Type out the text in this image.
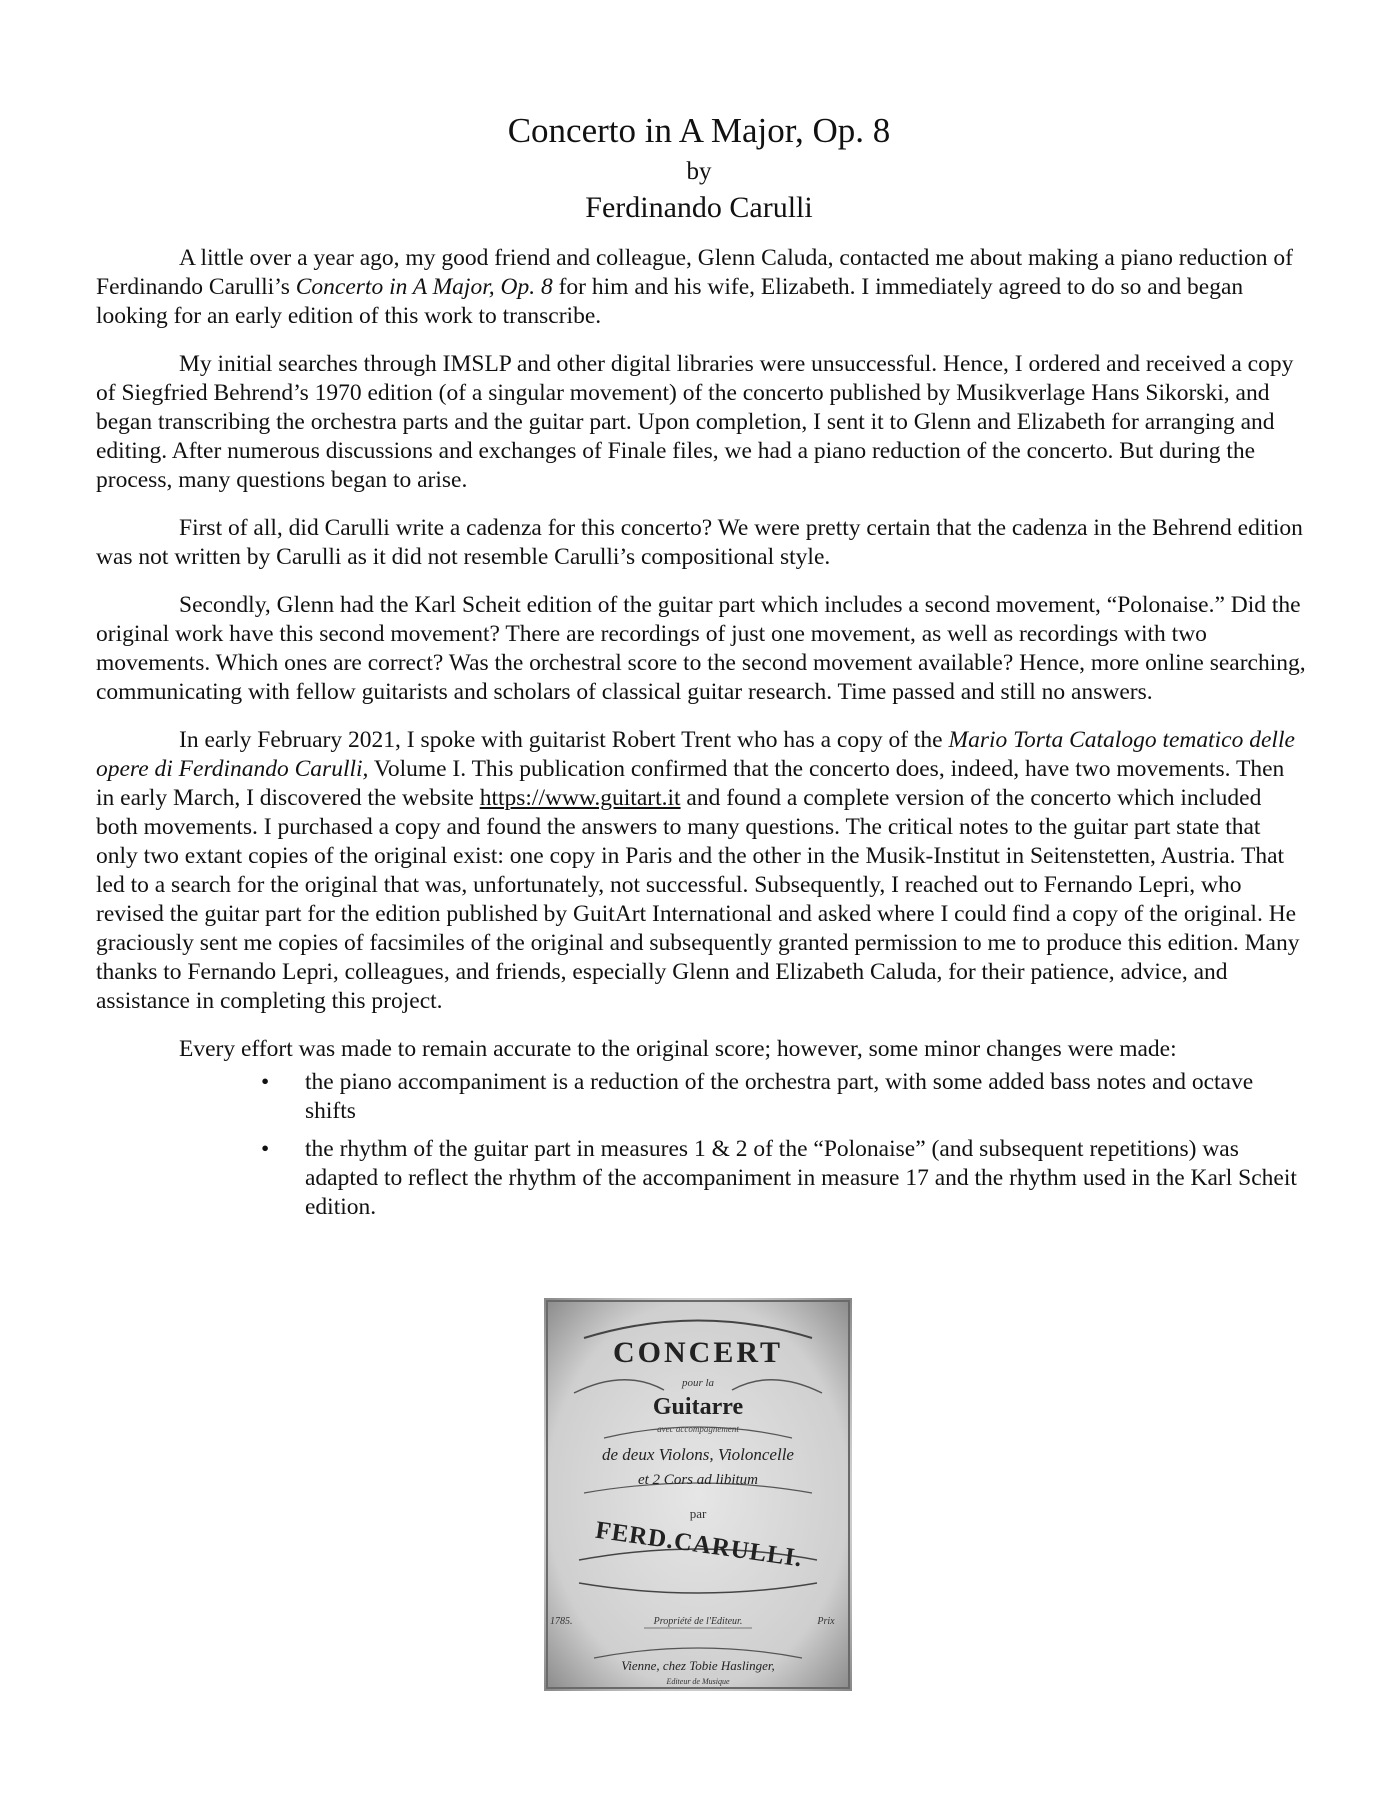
Concerto in A Major, Op. 8
by
Ferdinando Carulli

A little over a year ago, my good friend and colleague, Glenn Caluda, contacted me about making a piano reduction of Ferdinando Carulli’s Concerto in A Major, Op. 8 for him and his wife, Elizabeth. I immediately agreed to do so and began looking for an early edition of this work to transcribe.

My initial searches through IMSLP and other digital libraries were unsuccessful. Hence, I ordered and received a copy of Siegfried Behrend’s 1970 edition (of a singular movement) of the concerto published by Musikverlage Hans Sikorski, and began transcribing the orchestra parts and the guitar part. Upon completion, I sent it to Glenn and Elizabeth for arranging and editing. After numerous discussions and exchanges of Finale files, we had a piano reduction of the concerto. But during the process, many questions began to arise.

First of all, did Carulli write a cadenza for this concerto? We were pretty certain that the cadenza in the Behrend edition was not written by Carulli as it did not resemble Carulli’s compositional style.

Secondly, Glenn had the Karl Scheit edition of the guitar part which includes a second movement, “Polonaise.” Did the original work have this second movement? There are recordings of just one movement, as well as recordings with two movements. Which ones are correct? Was the orchestral score to the second movement available? Hence, more online searching, communicating with fellow guitarists and scholars of classical guitar research. Time passed and still no answers.

In early February 2021, I spoke with guitarist Robert Trent who has a copy of the Mario Torta Catalogo tematico delle opere di Ferdinando Carulli, Volume I. This publication confirmed that the concerto does, indeed, have two movements. Then in early March, I discovered the website https://www.guitart.it and found a complete version of the concerto which included both movements. I purchased a copy and found the answers to many questions. The critical notes to the guitar part state that only two extant copies of the original exist: one copy in Paris and the other in the Musik-Institut in Seitenstetten, Austria. That led to a search for the original that was, unfortunately, not successful. Subsequently, I reached out to Fernando Lepri, who revised the guitar part for the edition published by GuitArt International and asked where I could find a copy of the original. He graciously sent me copies of facsimiles of the original and subsequently granted permission to me to produce this edition. Many thanks to Fernando Lepri, colleagues, and friends, especially Glenn and Elizabeth Caluda, for their patience, advice, and assistance in completing this project.

Every effort was made to remain accurate to the original score; however, some minor changes were made:

• the piano accompaniment is a reduction of the orchestra part, with some added bass notes and octave shifts
• the rhythm of the guitar part in measures 1 & 2 of the “Polonaise” (and subsequent repetitions) was adapted to reflect the rhythm of the accompaniment in measure 17 and the rhythm used in the Karl Scheit edition.
CONCERT
pour la
Guitarre
avec accompagnement
de deux Violons, Violoncelle
et 2 Cors ad libitum
par
FERD.CARULLI.
1785.	Propriété de l'Editeur.	Prix
Vienne, chez Tobie Haslinger,
Editeur de Musique
